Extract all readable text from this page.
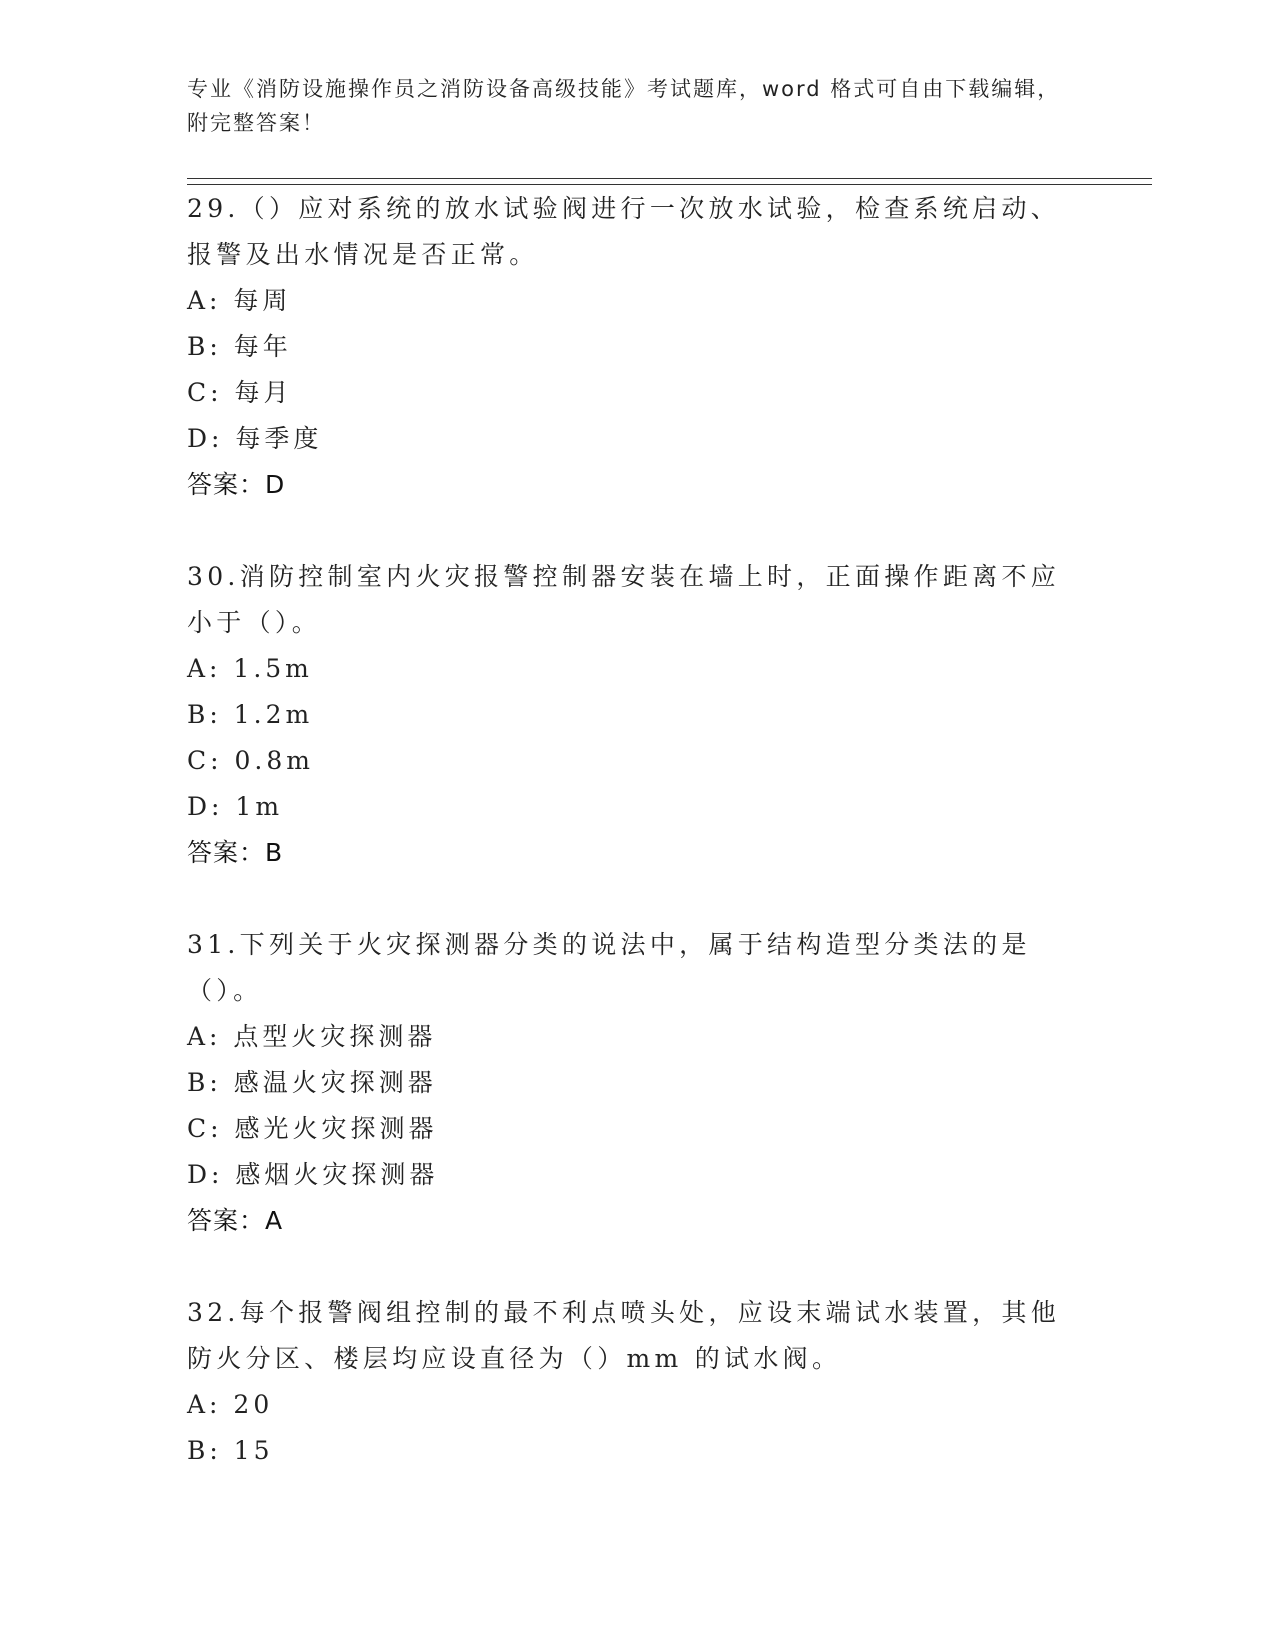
专业《消防设施操作员之消防设备高级技能》考试题库，word 格式可自由下载编辑，附完整答案！

29.（）应对系统的放水试验阀进行一次放水试验，检查系统启动、报警及出水情况是否正常。

A: 每周

B: 每年

C: 每月

D: 每季度

答案：D

30.消防控制室内火灾报警控制器安装在墙上时，正面操作距离不应小于（）。

A: 1.5m

B: 1.2m

C: 0.8m

D: 1m

答案：B

31.下列关于火灾探测器分类的说法中，属于结构造型分类法的是（）。

A: 点型火灾探测器

B: 感温火灾探测器

C: 感光火灾探测器

D: 感烟火灾探测器

答案：A

32.每个报警阀组控制的最不利点喷头处，应设末端试水装置，其他防火分区、楼层均应设直径为（）mm 的试水阀。

A: 20

B: 15
